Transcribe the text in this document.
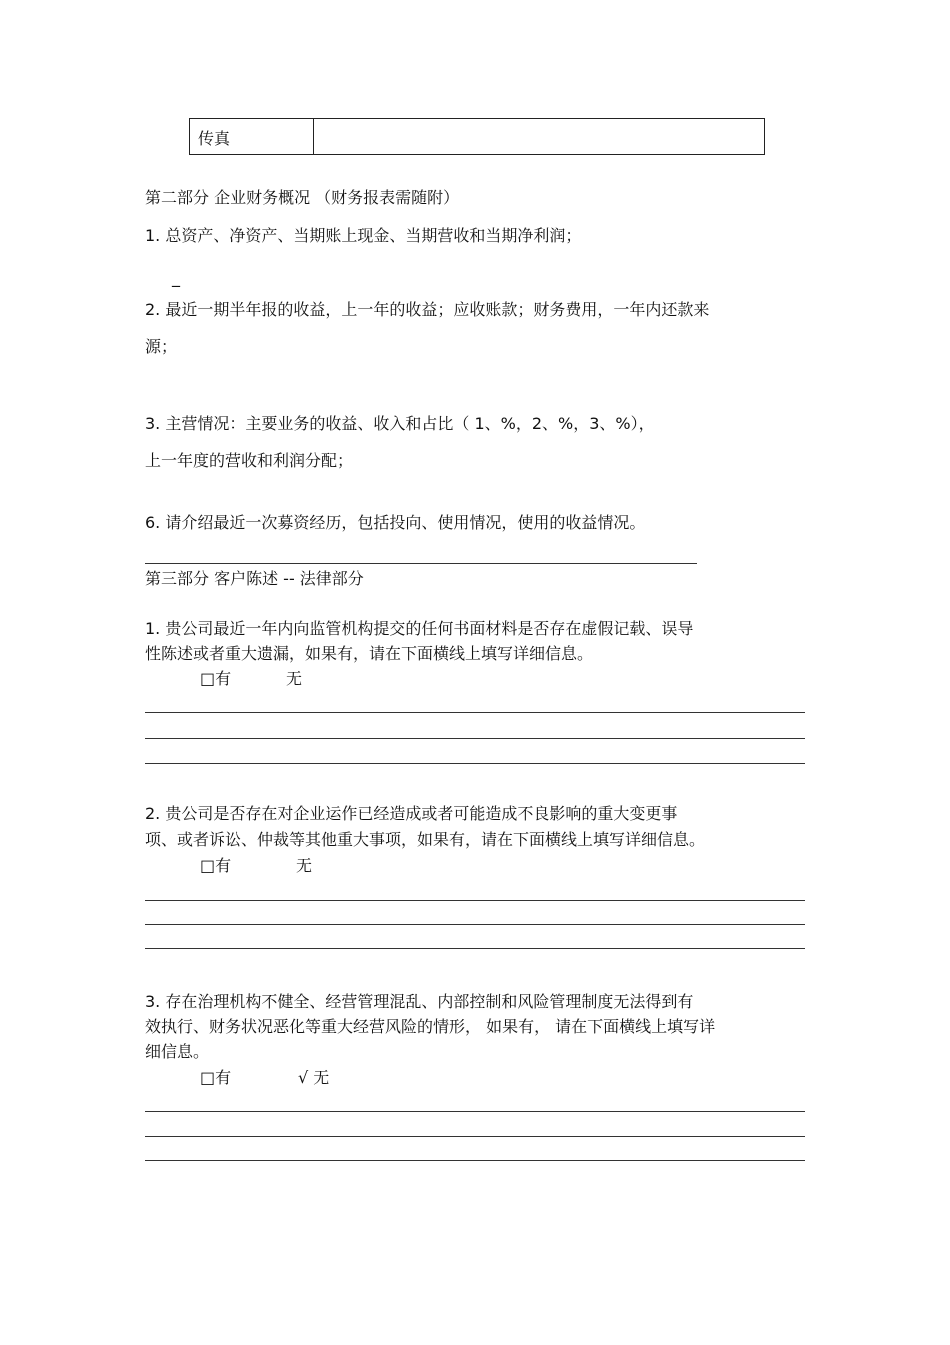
传真
第二部分 企业财务概况 （财务报表需随附）
1. 总资产、净资产、当期账上现金、当期营收和当期净利润；
_
2. 最近一期半年报的收益，上一年的收益；应收账款；财务费用，一年内还款来
源；
3. 主营情况：主要业务的收益、收入和占比（ 1、%，2、%，3、%），
上一年度的营收和利润分配；
6. 请介绍最近一次募资经历，包括投向、使用情况，使用的收益情况。
第三部分 客户陈述 -- 法律部分
1. 贵公司最近一年内向监管机构提交的任何书面材料是否存在虚假记载、误导
性陈述或者重大遗漏，如果有，请在下面横线上填写详细信息。
□有	无
2. 贵公司是否存在对企业运作已经造成或者可能造成不良影响的重大变更事
项、或者诉讼、仲裁等其他重大事项，如果有，请在下面横线上填写详细信息。
□有	无
3. 存在治理机构不健全、经营管理混乱、内部控制和风险管理制度无法得到有
效执行、财务状况恶化等重大经营风险的情形， 如果有， 请在下面横线上填写详
细信息。
□有	√ 无
